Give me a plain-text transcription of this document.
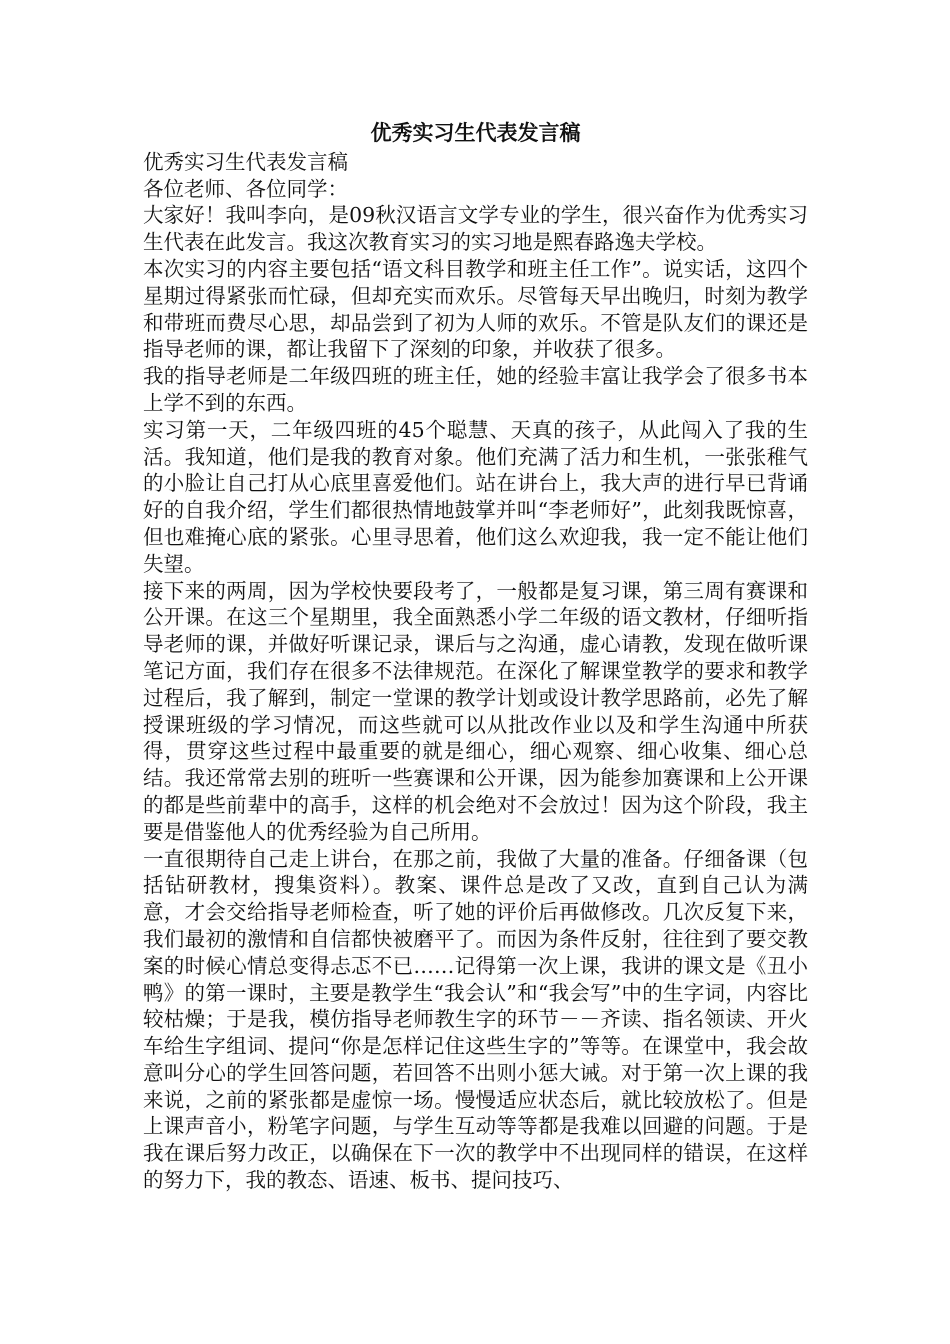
优秀实习生代表发言稿

优秀实习生代表发言稿

各位老师、各位同学：

大家好！我叫李向，是09秋汉语言文学专业的学生，很兴奋作为优秀实习生代表在此发言。我这次教育实习的实习地是熙春路逸夫学校。

本次实习的内容主要包括“语文科目教学和班主任工作”。说实话，这四个星期过得紧张而忙碌，但却充实而欢乐。尽管每天早出晚归，时刻为教学和带班而费尽心思，却品尝到了初为人师的欢乐。不管是队友们的课还是指导老师的课，都让我留下了深刻的印象，并收获了很多。

我的指导老师是二年级四班的班主任，她的经验丰富让我学会了很多书本上学不到的东西。

实习第一天，二年级四班的45个聪慧、天真的孩子，从此闯入了我的生活。我知道，他们是我的教育对象。他们充满了活力和生机，一张张稚气的小脸让自己打从心底里喜爱他们。站在讲台上，我大声的进行早已背诵好的自我介绍，学生们都很热情地鼓掌并叫“李老师好”，此刻我既惊喜，但也难掩心底的紧张。心里寻思着，他们这么欢迎我，我一定不能让他们失望。

接下来的两周，因为学校快要段考了，一般都是复习课，第三周有赛课和公开课。在这三个星期里，我全面熟悉小学二年级的语文教材，仔细听指导老师的课，并做好听课记录，课后与之沟通，虚心请教，发现在做听课笔记方面，我们存在很多不法律规范。在深化了解课堂教学的要求和教学过程后，我了解到，制定一堂课的教学计划或设计教学思路前，必先了解授课班级的学习情况，而这些就可以从批改作业以及和学生沟通中所获得，贯穿这些过程中最重要的就是细心，细心观察、细心收集、细心总结。我还常常去别的班听一些赛课和公开课，因为能参加赛课和上公开课的都是些前辈中的高手，这样的机会绝对不会放过！因为这个阶段，我主要是借鉴他人的优秀经验为自己所用。

一直很期待自己走上讲台，在那之前，我做了大量的准备。仔细备课（包括钻研教材，搜集资料）。教案、课件总是改了又改，直到自己认为满意，才会交给指导老师检查，听了她的评价后再做修改。几次反复下来，我们最初的激情和自信都快被磨平了。而因为条件反射，往往到了要交教案的时候心情总变得忐忑不已……记得第一次上课，我讲的课文是《丑小鸭》的第一课时，主要是教学生“我会认”和“我会写”中的生字词，内容比较枯燥；于是我，模仿指导老师教生字的环节－－齐读、指名领读、开火车给生字组词、提问“你是怎样记住这些生字的”等等。在课堂中，我会故意叫分心的学生回答问题，若回答不出则小惩大诫。对于第一次上课的我来说，之前的紧张都是虚惊一场。慢慢适应状态后，就比较放松了。但是上课声音小，粉笔字问题，与学生互动等等都是我难以回避的问题。于是我在课后努力改正，以确保在下一次的教学中不出现同样的错误，在这样的努力下，我的教态、语速、板书、提问技巧、
